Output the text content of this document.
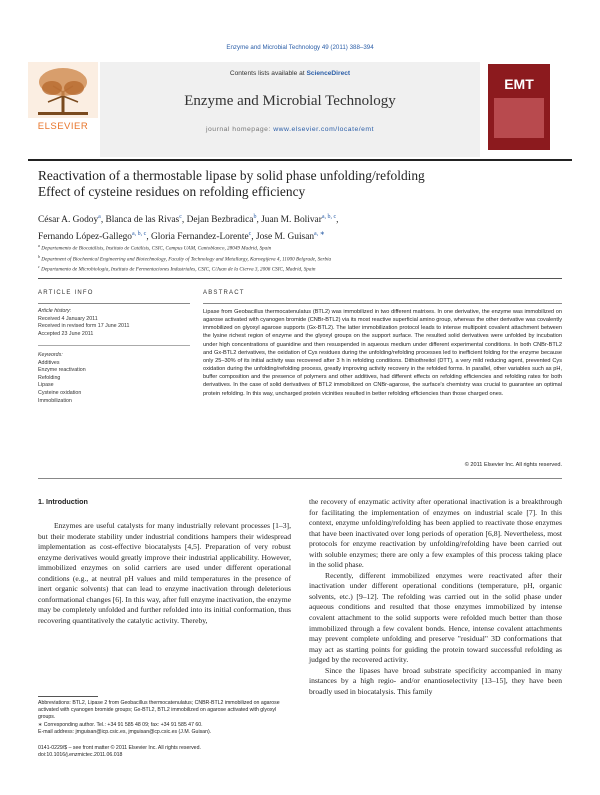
Enzyme and Microbial Technology 49 (2011) 388–394
ELSEVIER
Contents lists available at ScienceDirect
Enzyme and Microbial Technology
journal homepage: www.elsevier.com/locate/emt
EMT
Reactivation of a thermostable lipase by solid phase unfolding/refolding
Effect of cysteine residues on refolding efficiency
César A. Godoy$^a$, Blanca de las Rivas$^c$, Dejan Bezbradica$^b$, Juan M. Bolivar$^{a, b, c}$,
Fernando López-Gallego$^{a, b, c}$, Gloria Fernandez-Lorente$^c$, Jose M. Guisan$^{a, ∗}$
$^a$ Departamento de Biocatálisis, Instituto de Catálisis, CSIC, Campus UAM, Cantoblanco, 28049 Madrid, Spain
$^b$ Department of Biochemical Engineering and Biotechnology, Faculty of Technology and Metallurgy, Karnegijeva 4, 11000 Belgrade, Serbia
$^c$ Departamento de Microbiología, Instituto de Fermentaciones Industriales, CSIC, C/Juan de la Cierva 3, 2006 CSIC, Madrid, Spain
ARTICLE INFO	ABSTRACT
Article history:
Received 4 January 2011
Received in revised form 17 June 2011
Accepted 23 June 2011
Keywords:
Additives
Enzyme reactivation
Refolding
Lipase
Cysteine oxidation
Immobilization
Lipase from Geobacillus thermocatenulatus (BTL2) was immobilized in two different matrixes. In one derivative, the enzyme was immobilized on agarose activated with cyanogen bromide (CNBr-BTL2) via its most reactive superficial amino group, whereas the other derivative was covalently immobilized on glyoxyl agarose supports (Gx-BTL2). The latter immobilization protocol leads to intense multipoint covalent attachment between the lysine richest region of enzyme and the glyoxyl groups on the support surface. The resulted solid derivatives were unfolded by incubation under high concentrations of guanidine and then resuspended in aqueous medium under different experimental conditions. In both CNBr-BTL2 and Gx-BTL2 derivatives, the oxidation of Cys residues during the unfolding/refolding processes led to inefficient folding for the enzyme because only 25–30% of its initial activity was recovered after 3 h in refolding conditions. Dithiothreitol (DTT), a very mild reducing agent, prevented Cys oxidation during the unfolding/refolding process, greatly improving activity recovery in the refolded forms. In parallel, other variables such as pH, buffer composition and the presence of polymers and other additives, had different effects on refolding efficiencies and refolding rates for both derivatives. In the case of solid derivatives of BTL2 immobilized on CNBr-agarose, the surface's chemistry was crucial to guarantee an optimal protein refolding. In this way, uncharged protein vicinities resulted in better refolding efficiencies than those charged ones.
© 2011 Elsevier Inc. All rights reserved.
1. Introduction
Enzymes are useful catalysts for many industrially relevant processes [1–3], but their moderate stability under industrial conditions hampers their widespread implementation as cost-effective biocatalysts [4,5]. Preparation of very robust enzyme derivatives would greatly improve their industrial applicability. However, immobilized enzymes on solid carriers are used under different operational conditions (e.g., at neutral pH values and mild temperatures in the presence of inert organic solvents) that can lead to enzyme inactivation through deleterious conformational changes [6]. In this way, after full enzyme inactivation, the enzyme may be completely unfolded and further refolded into its initial conformation, thus recovering quantitatively the catalytic activity. Thereby,
the recovery of enzymatic activity after operational inactivation is a breakthrough for facilitating the implementation of enzymes on industrial scale [7]. In this context, enzyme unfolding/refolding has been applied to reactivate those enzymes that have been inactivated over long periods of operation [6,8]. Nevertheless, most protocols for enzyme reactivation by unfolding/refolding have been carried out with soluble enzymes; there are only a few examples of this process taking place in the solid phase.
Recently, different immobilized enzymes were reactivated after their inactivation under different operational conditions (temperature, pH, organic solvents, etc.) [9–12]. The refolding was carried out in the solid phase under aqueous conditions and resulted that those enzymes immobilized by intense covalent attachment to the solid supports were refolded much better than those immobilized through a few covalent bonds. Hence, intense covalent attachments may prevent complete unfolding and preserve "residual" 3D conformations that may act as starting points for guiding the protein toward successful refolding as judged by the recovered activity.
Since the lipases have broad substrate specificity accompanied in many instances by a high regio- and/or enantioselectivity [13–15], they have been broadly used in biocatalysis. This family
Abbreviations: BTL2, Lipase 2 from Geobacillus thermocatenulatus; CNBR-BTL2 immobilized on agarose activated with cyanogen bromide groups; Gx-BTL2, BTL2 immobilized on agarose activated with glyoxyl groups.
∗ Corresponding author. Tel.: +34 91 585 48 09; fax: +34 91 585 47 60.
E-mail address: jmguisan@icp.csic.es, jmguisan@cp.csic.es (J.M. Guisan).
0141-0229/$ – see front matter © 2011 Elsevier Inc. All rights reserved.
doi:10.1016/j.enzmictec.2011.06.018
